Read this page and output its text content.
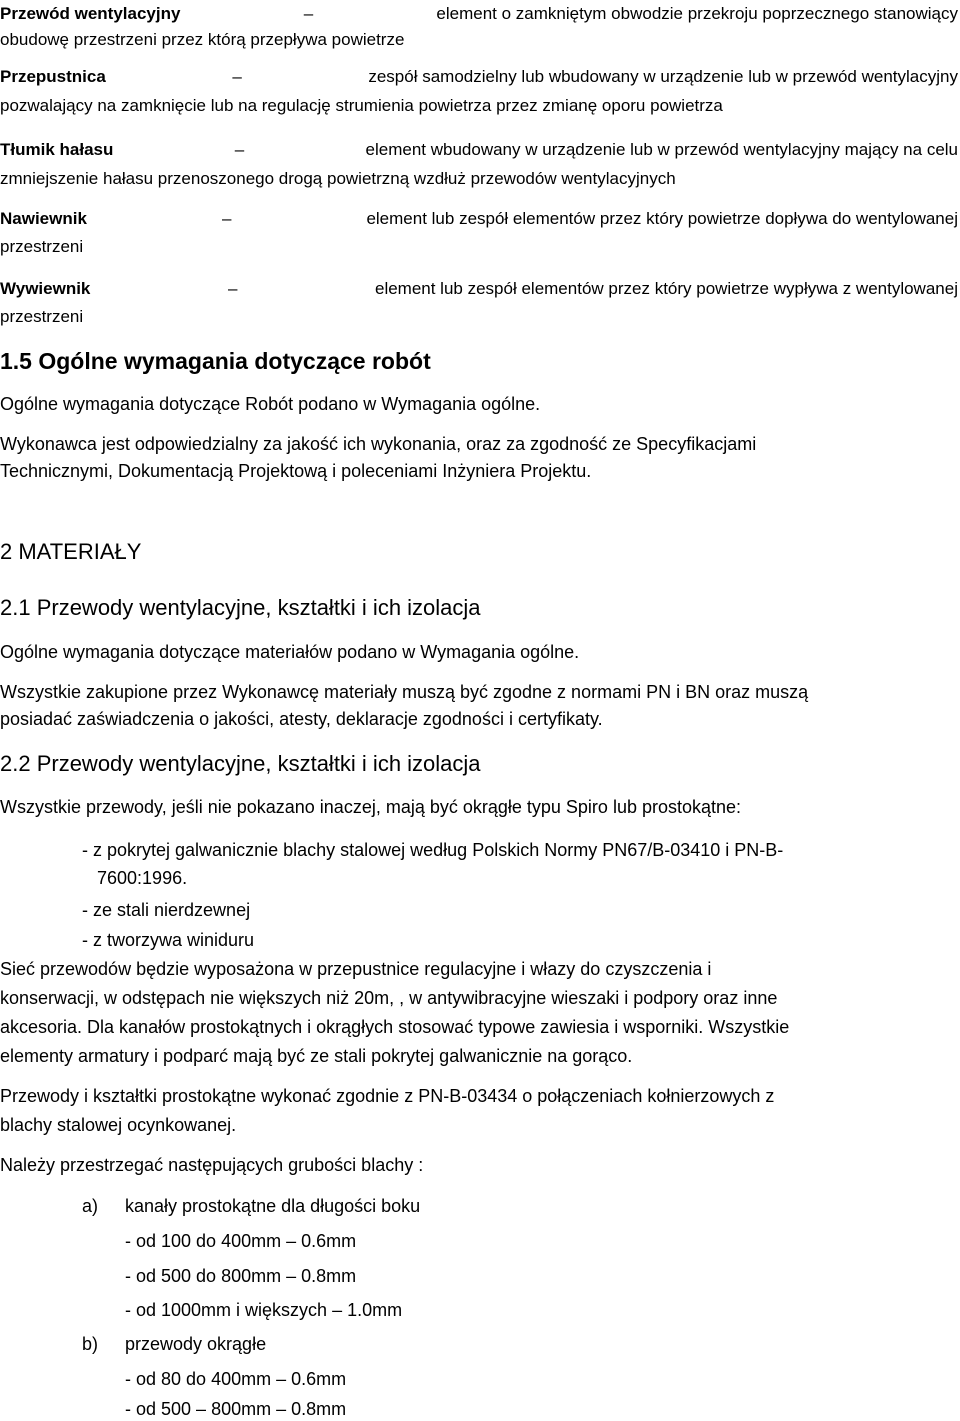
Przewód wentylacyjny	–	element o zamkniętym obwodzie przekroju poprzecznego stanowiący
obudowę przestrzeni przez którą przepływa powietrze
Przepustnica	–	zespół samodzielny lub wbudowany w urządzenie lub w przewód wentylacyjny
pozwalający na zamknięcie lub na regulację strumienia powietrza przez zmianę oporu powietrza
Tłumik hałasu	–	element wbudowany w urządzenie lub w przewód wentylacyjny mający na celu
zmniejszenie hałasu przenoszonego drogą powietrzną wzdłuż przewodów wentylacyjnych
Nawiewnik	–	element lub zespół elementów przez który powietrze dopływa do wentylowanej
przestrzeni
Wywiewnik	–	element lub zespół elementów przez który powietrze wypływa z wentylowanej
przestrzeni
1.5 Ogólne wymagania dotyczące robót
Ogólne wymagania dotyczące Robót podano w Wymagania ogólne.
Wykonawca jest odpowiedzialny za jakość ich wykonania, oraz za zgodność ze Specyfikacjami
Technicznymi, Dokumentacją Projektową i poleceniami Inżyniera Projektu.
2 MATERIAŁY
2.1 Przewody wentylacyjne, kształtki i ich izolacja
Ogólne wymagania dotyczące materiałów podano w Wymagania ogólne.
Wszystkie zakupione przez Wykonawcę materiały muszą być zgodne z normami PN i BN oraz muszą
posiadać zaświadczenia o jakości, atesty, deklaracje zgodności i certyfikaty.
2.2 Przewody wentylacyjne, kształtki i ich izolacja
Wszystkie przewody, jeśli nie pokazano inaczej, mają być okrągłe typu Spiro lub prostokątne:
- z pokrytej galwanicznie blachy stalowej według Polskich Normy PN67/B-03410 i PN-B-
7600:1996.
- ze stali nierdzewnej
- z tworzywa winiduru
Sieć przewodów będzie wyposażona w przepustnice regulacyjne i włazy do czyszczenia i
konserwacji, w odstępach nie większych niż 20m, , w antywibracyjne wieszaki i podpory oraz inne
akcesoria. Dla kanałów prostokątnych i okrągłych stosować typowe zawiesia i wsporniki. Wszystkie
elementy armatury i podparć mają być ze stali pokrytej galwanicznie na gorąco.
Przewody i kształtki prostokątne wykonać zgodnie z PN-B-03434 o połączeniach kołnierzowych z
blachy stalowej ocynkowanej.
Należy przestrzegać następujących grubości blachy :
a) kanały prostokątne dla długości boku
- od 100 do 400mm – 0.6mm
- od 500 do 800mm – 0.8mm
- od 1000mm i większych – 1.0mm
b) przewody okrągłe
- od 80 do 400mm – 0.6mm
- od 500 – 800mm – 0.8mm
